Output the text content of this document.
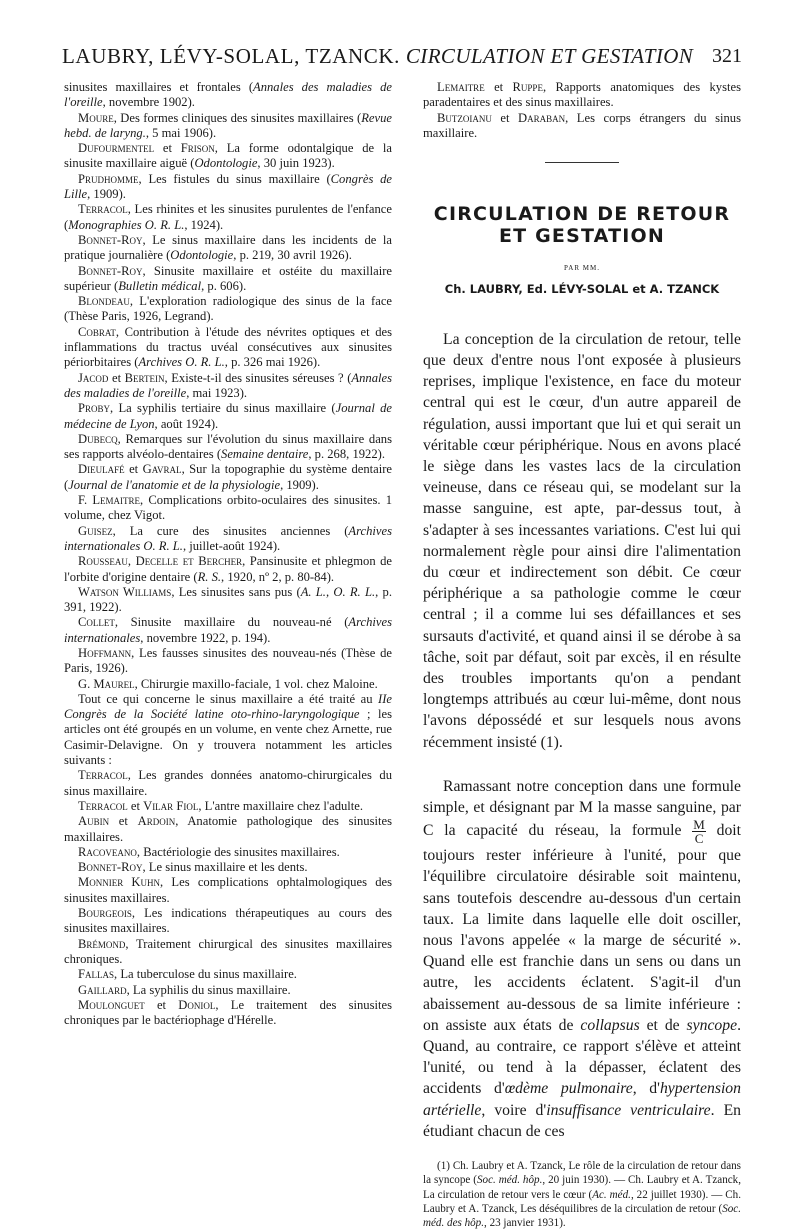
LAUBRY, LÉVY-SOLAL, TZANCK. CIRCULATION ET GESTATION 321

sinusites maxillaires et frontales (Annales des maladies de l'oreille, novembre 1902).

Moure, Des formes cliniques des sinusites maxillaires (Revue hebd. de laryng., 5 mai 1906).

Dufourmentel et Frison, La forme odontalgique de la sinusite maxillaire aiguë (Odontologie, 30 juin 1923).

Prudhomme, Les fistules du sinus maxillaire (Congrès de Lille, 1909).

Terracol, Les rhinites et les sinusites purulentes de l'enfance (Monographies O. R. L., 1924).

Bonnet-Roy, Le sinus maxillaire dans les incidents de la pratique journalière (Odontologie, p. 219, 30 avril 1926).

Bonnet-Roy, Sinusite maxillaire et ostéite du maxillaire supérieur (Bulletin médical, p. 606).

Blondeau, L'exploration radiologique des sinus de la face (Thèse Paris, 1926, Legrand).

Cobrat, Contribution à l'étude des névrites optiques et des inflammations du tractus uvéal consécutives aux sinusites périorbitaires (Archives O. R. L., p. 326 mai 1926).

Jacod et Bertein, Existe-t-il des sinusites séreuses ? (Annales des maladies de l'oreille, mai 1923).

Proby, La syphilis tertiaire du sinus maxillaire (Journal de médecine de Lyon, août 1924).

Dubecq, Remarques sur l'évolution du sinus maxillaire dans ses rapports alvéolo-dentaires (Semaine dentaire, p. 268, 1922).

Dieulafé et Gavral, Sur la topographie du système dentaire (Journal de l'anatomie et de la physiologie, 1909).

F. Lemaitre, Complications orbito-oculaires des sinusites. 1 volume, chez Vigot.

Guisez, La cure des sinusites anciennes (Archives internationales O. R. L., juillet-août 1924).

Rousseau, Decelle et Bercher, Pansinusite et phlegmon de l'orbite d'origine dentaire (R. S., 1920, nº 2, p. 80-84).

Watson Williams, Les sinusites sans pus (A. L., O. R. L., p. 391, 1922).

Collet, Sinusite maxillaire du nouveau-né (Archives internationales, novembre 1922, p. 194).

Hoffmann, Les fausses sinusites des nouveau-nés (Thèse de Paris, 1926).

G. Maurel, Chirurgie maxillo-faciale, 1 vol. chez Maloine.

Tout ce qui concerne le sinus maxillaire a été traité au IIe Congrès de la Société latine oto-rhino-laryngologique ; les articles ont été groupés en un volume, en vente chez Arnette, rue Casimir-Delavigne. On y trouvera notamment les articles suivants :

Terracol, Les grandes données anatomo-chirurgicales du sinus maxillaire.

Terracol et Vilar Fiol, L'antre maxillaire chez l'adulte.

Aubin et Ardoin, Anatomie pathologique des sinusites maxillaires.

Racoveano, Bactériologie des sinusites maxillaires.

Bonnet-Roy, Le sinus maxillaire et les dents.

Monnier Kuhn, Les complications ophtalmologiques des sinusites maxillaires.

Bourgeois, Les indications thérapeutiques au cours des sinusites maxillaires.

Brémond, Traitement chirurgical des sinusites maxillaires chroniques.

Fallas, La tuberculose du sinus maxillaire.

Gaillard, La syphilis du sinus maxillaire.

Moulonguet et Doniol, Le traitement des sinusites chroniques par le bactériophage d'Hérelle.

Lemaitre et Ruppe, Rapports anatomiques des kystes paradentaires et des sinus maxillaires.

Butzoianu et Daraban, Les corps étrangers du sinus maxillaire.

CIRCULATION DE RETOUR
ET GESTATION
PAR MM.
Ch. LAUBRY, Ed. LÉVY-SOLAL et A. TZANCK

La conception de la circulation de retour, telle que deux d'entre nous l'ont exposée à plusieurs reprises, implique l'existence, en face du moteur central qui est le cœur, d'un autre appareil de régulation, aussi important que lui et qui serait un véritable cœur périphérique. Nous en avons placé le siège dans les vastes lacs de la circulation veineuse, dans ce réseau qui, se modelant sur la masse sanguine, est apte, par-dessus tout, à s'adapter à ses incessantes variations. C'est lui qui normalement règle pour ainsi dire l'alimentation du cœur et indirectement son débit. Ce cœur périphérique a sa pathologie comme le cœur central ; il a comme lui ses défaillances et ses sursauts d'activité, et quand ainsi il se dérobe à sa tâche, soit par défaut, soit par excès, il en résulte des troubles importants qu'on a pendant longtemps attribués au cœur lui-même, dont nous l'avons dépossédé et sur lesquels nous avons récemment insisté (1).

Ramassant notre conception dans une formule simple, et désignant par M la masse sanguine, par C la capacité du réseau, la formule $\frac{M}{C}$ doit toujours rester inférieure à l'unité, pour que l'équilibre circulatoire désirable soit maintenu, sans toutefois descendre au-dessous d'un certain taux. La limite dans laquelle elle doit osciller, nous l'avons appelée « la marge de sécurité ». Quand elle est franchie dans un sens ou dans un autre, les accidents éclatent. S'agit-il d'un abaissement au-dessous de sa limite inférieure : on assiste aux états de collapsus et de syncope. Quand, au contraire, ce rapport s'élève et atteint l'unité, ou tend à la dépasser, éclatent des accidents d'œdème pulmonaire, d'hypertension artérielle, voire d'insuffisance ventriculaire. En étudiant chacun de ces

(1) Ch. Laubry et A. Tzanck, Le rôle de la circulation de retour dans la syncope (Soc. méd. hôp., 20 juin 1930). — Ch. Laubry et A. Tzanck, La circulation de retour vers le cœur (Ac. méd., 22 juillet 1930). — Ch. Laubry et A. Tzanck, Les déséquilibres de la circulation de retour (Soc. méd. des hôp., 23 janvier 1931).
